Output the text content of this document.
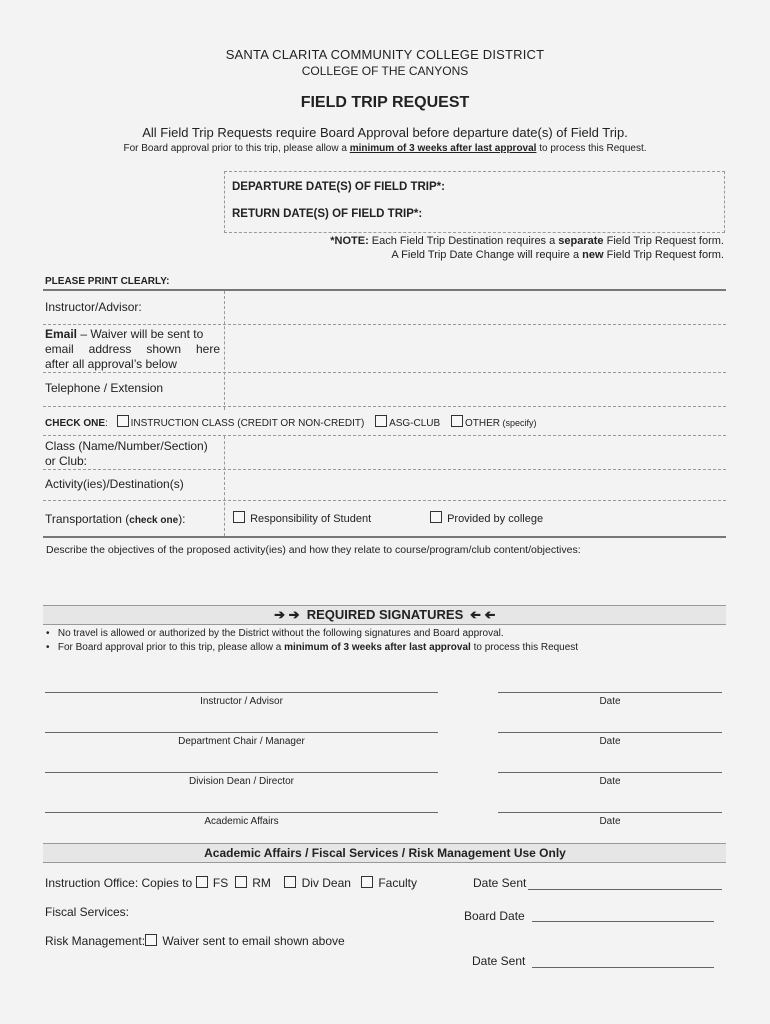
SANTA CLARITA COMMUNITY COLLEGE DISTRICT
COLLEGE OF THE CANYONS
FIELD TRIP REQUEST
All Field Trip Requests require Board Approval before departure date(s) of Field Trip.
For Board approval prior to this trip, please allow a minimum of 3 weeks after last approval to process this Request.
DEPARTURE DATE(S) OF FIELD TRIP*:
RETURN DATE(S) OF FIELD TRIP*:
*NOTE: Each Field Trip Destination requires a separate Field Trip Request form.
A Field Trip Date Change will require a new Field Trip Request form.
PLEASE PRINT CLEARLY:
Instructor/Advisor:
Email – Waiver will be sent to
email address shown here
after all approval’s below
Telephone / Extension
CHECK ONE: INSTRUCTION CLASS (CREDIT OR NON-CREDIT) ASG-CLUB OTHER (specify)
Class (Name/Number/Section)
or Club:
Activity(ies)/Destination(s)
Transportation (check one):	Responsibility of Student	Provided by college
Describe the objectives of the proposed activity(ies) and how they relate to course/program/club content/objectives:
➔ ➔ REQUIRED SIGNATURES ➔ ➔
•   No travel is allowed or authorized by the District without the following signatures and Board approval.
•   For Board approval prior to this trip, please allow a minimum of 3 weeks after last approval to process this Request
Instructor / Advisor	Date
Department Chair / Manager	Date
Division Dean / Director	Date
Academic Affairs	Date
Academic Affairs / Fiscal Services / Risk Management Use Only
Instruction Office: Copies to FS RM	Div Dean Faculty	Date Sent
Fiscal Services:	Board Date
Risk Management: Waiver sent to email shown above
Date Sent
